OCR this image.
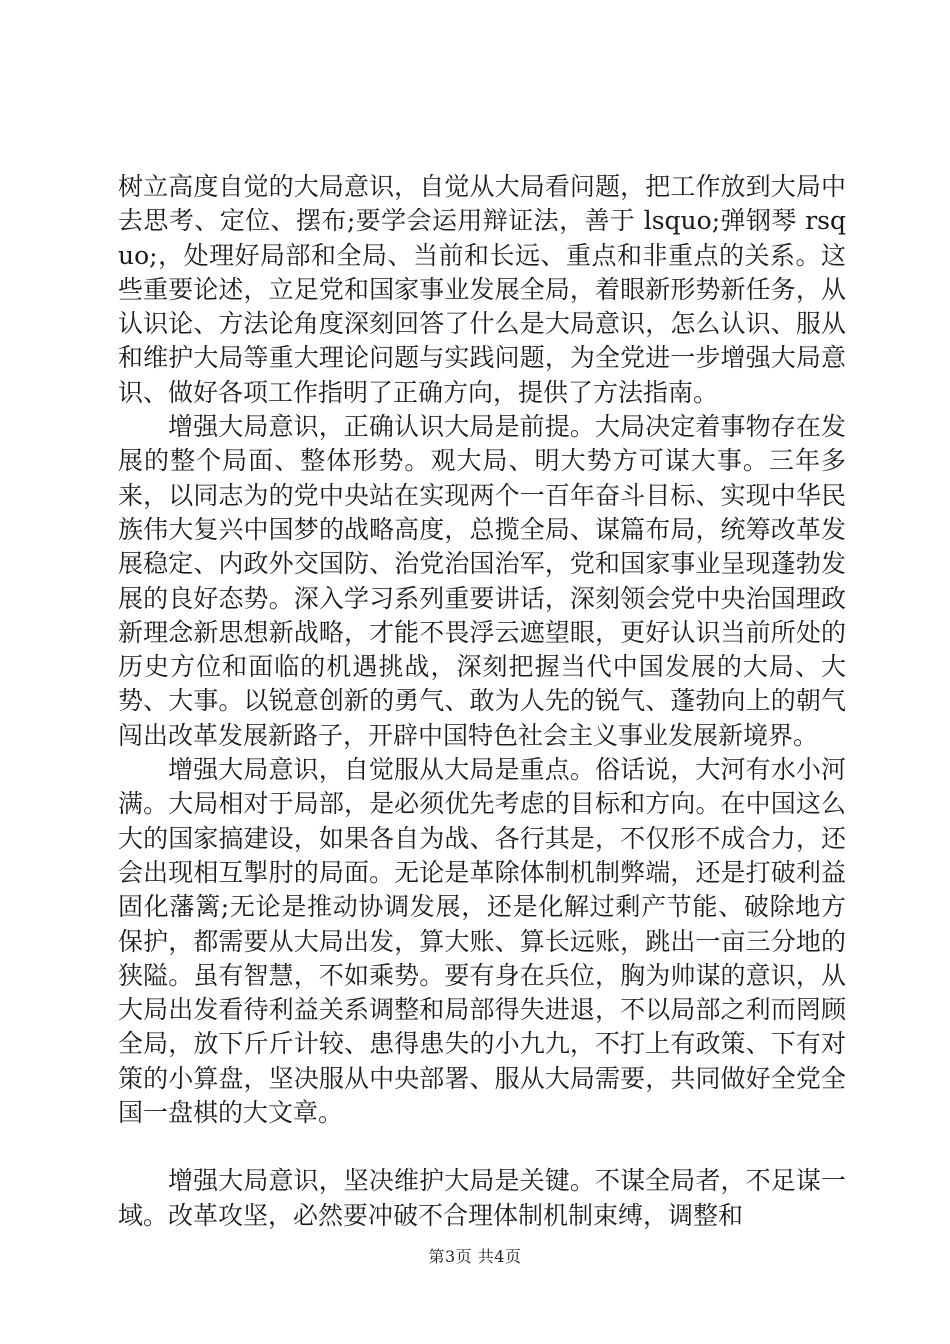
树立高度自觉的大局意识，自觉从大局看问题，把工作放到大局中去思考、定位、摆布;要学会运用辩证法，善于 lsquo;弹钢琴 rsquo;，处理好局部和全局、当前和长远、重点和非重点的关系。这些重要论述，立足党和国家事业发展全局，着眼新形势新任务，从认识论、方法论角度深刻回答了什么是大局意识，怎么认识、服从和维护大局等重大理论问题与实践问题，为全党进一步增强大局意识、做好各项工作指明了正确方向，提供了方法指南。

增强大局意识，正确认识大局是前提。大局决定着事物存在发展的整个局面、整体形势。观大局、明大势方可谋大事。三年多来，以同志为的党中央站在实现两个一百年奋斗目标、实现中华民族伟大复兴中国梦的战略高度，总揽全局、谋篇布局，统筹改革发展稳定、内政外交国防、治党治国治军，党和国家事业呈现蓬勃发展的良好态势。深入学习系列重要讲话，深刻领会党中央治国理政新理念新思想新战略，才能不畏浮云遮望眼，更好认识当前所处的历史方位和面临的机遇挑战，深刻把握当代中国发展的大局、大势、大事。以锐意创新的勇气、敢为人先的锐气、蓬勃向上的朝气闯出改革发展新路子，开辟中国特色社会主义事业发展新境界。

增强大局意识，自觉服从大局是重点。俗话说，大河有水小河满。大局相对于局部，是必须优先考虑的目标和方向。在中国这么大的国家搞建设，如果各自为战、各行其是，不仅形不成合力，还会出现相互掣肘的局面。无论是革除体制机制弊端，还是打破利益固化藩篱;无论是推动协调发展，还是化解过剩产节能、破除地方保护，都需要从大局出发，算大账、算长远账，跳出一亩三分地的狭隘。虽有智慧，不如乘势。要有身在兵位，胸为帅谋的意识，从大局出发看待利益关系调整和局部得失进退，不以局部之利而罔顾全局，放下斤斤计较、患得患失的小九九，不打上有政策、下有对策的小算盘，坚决服从中央部署、服从大局需要，共同做好全党全国一盘棋的大文章。

增强大局意识，坚决维护大局是关键。不谋全局者，不足谋一域。改革攻坚，必然要冲破不合理体制机制束缚，调整和

第3页 共4页
